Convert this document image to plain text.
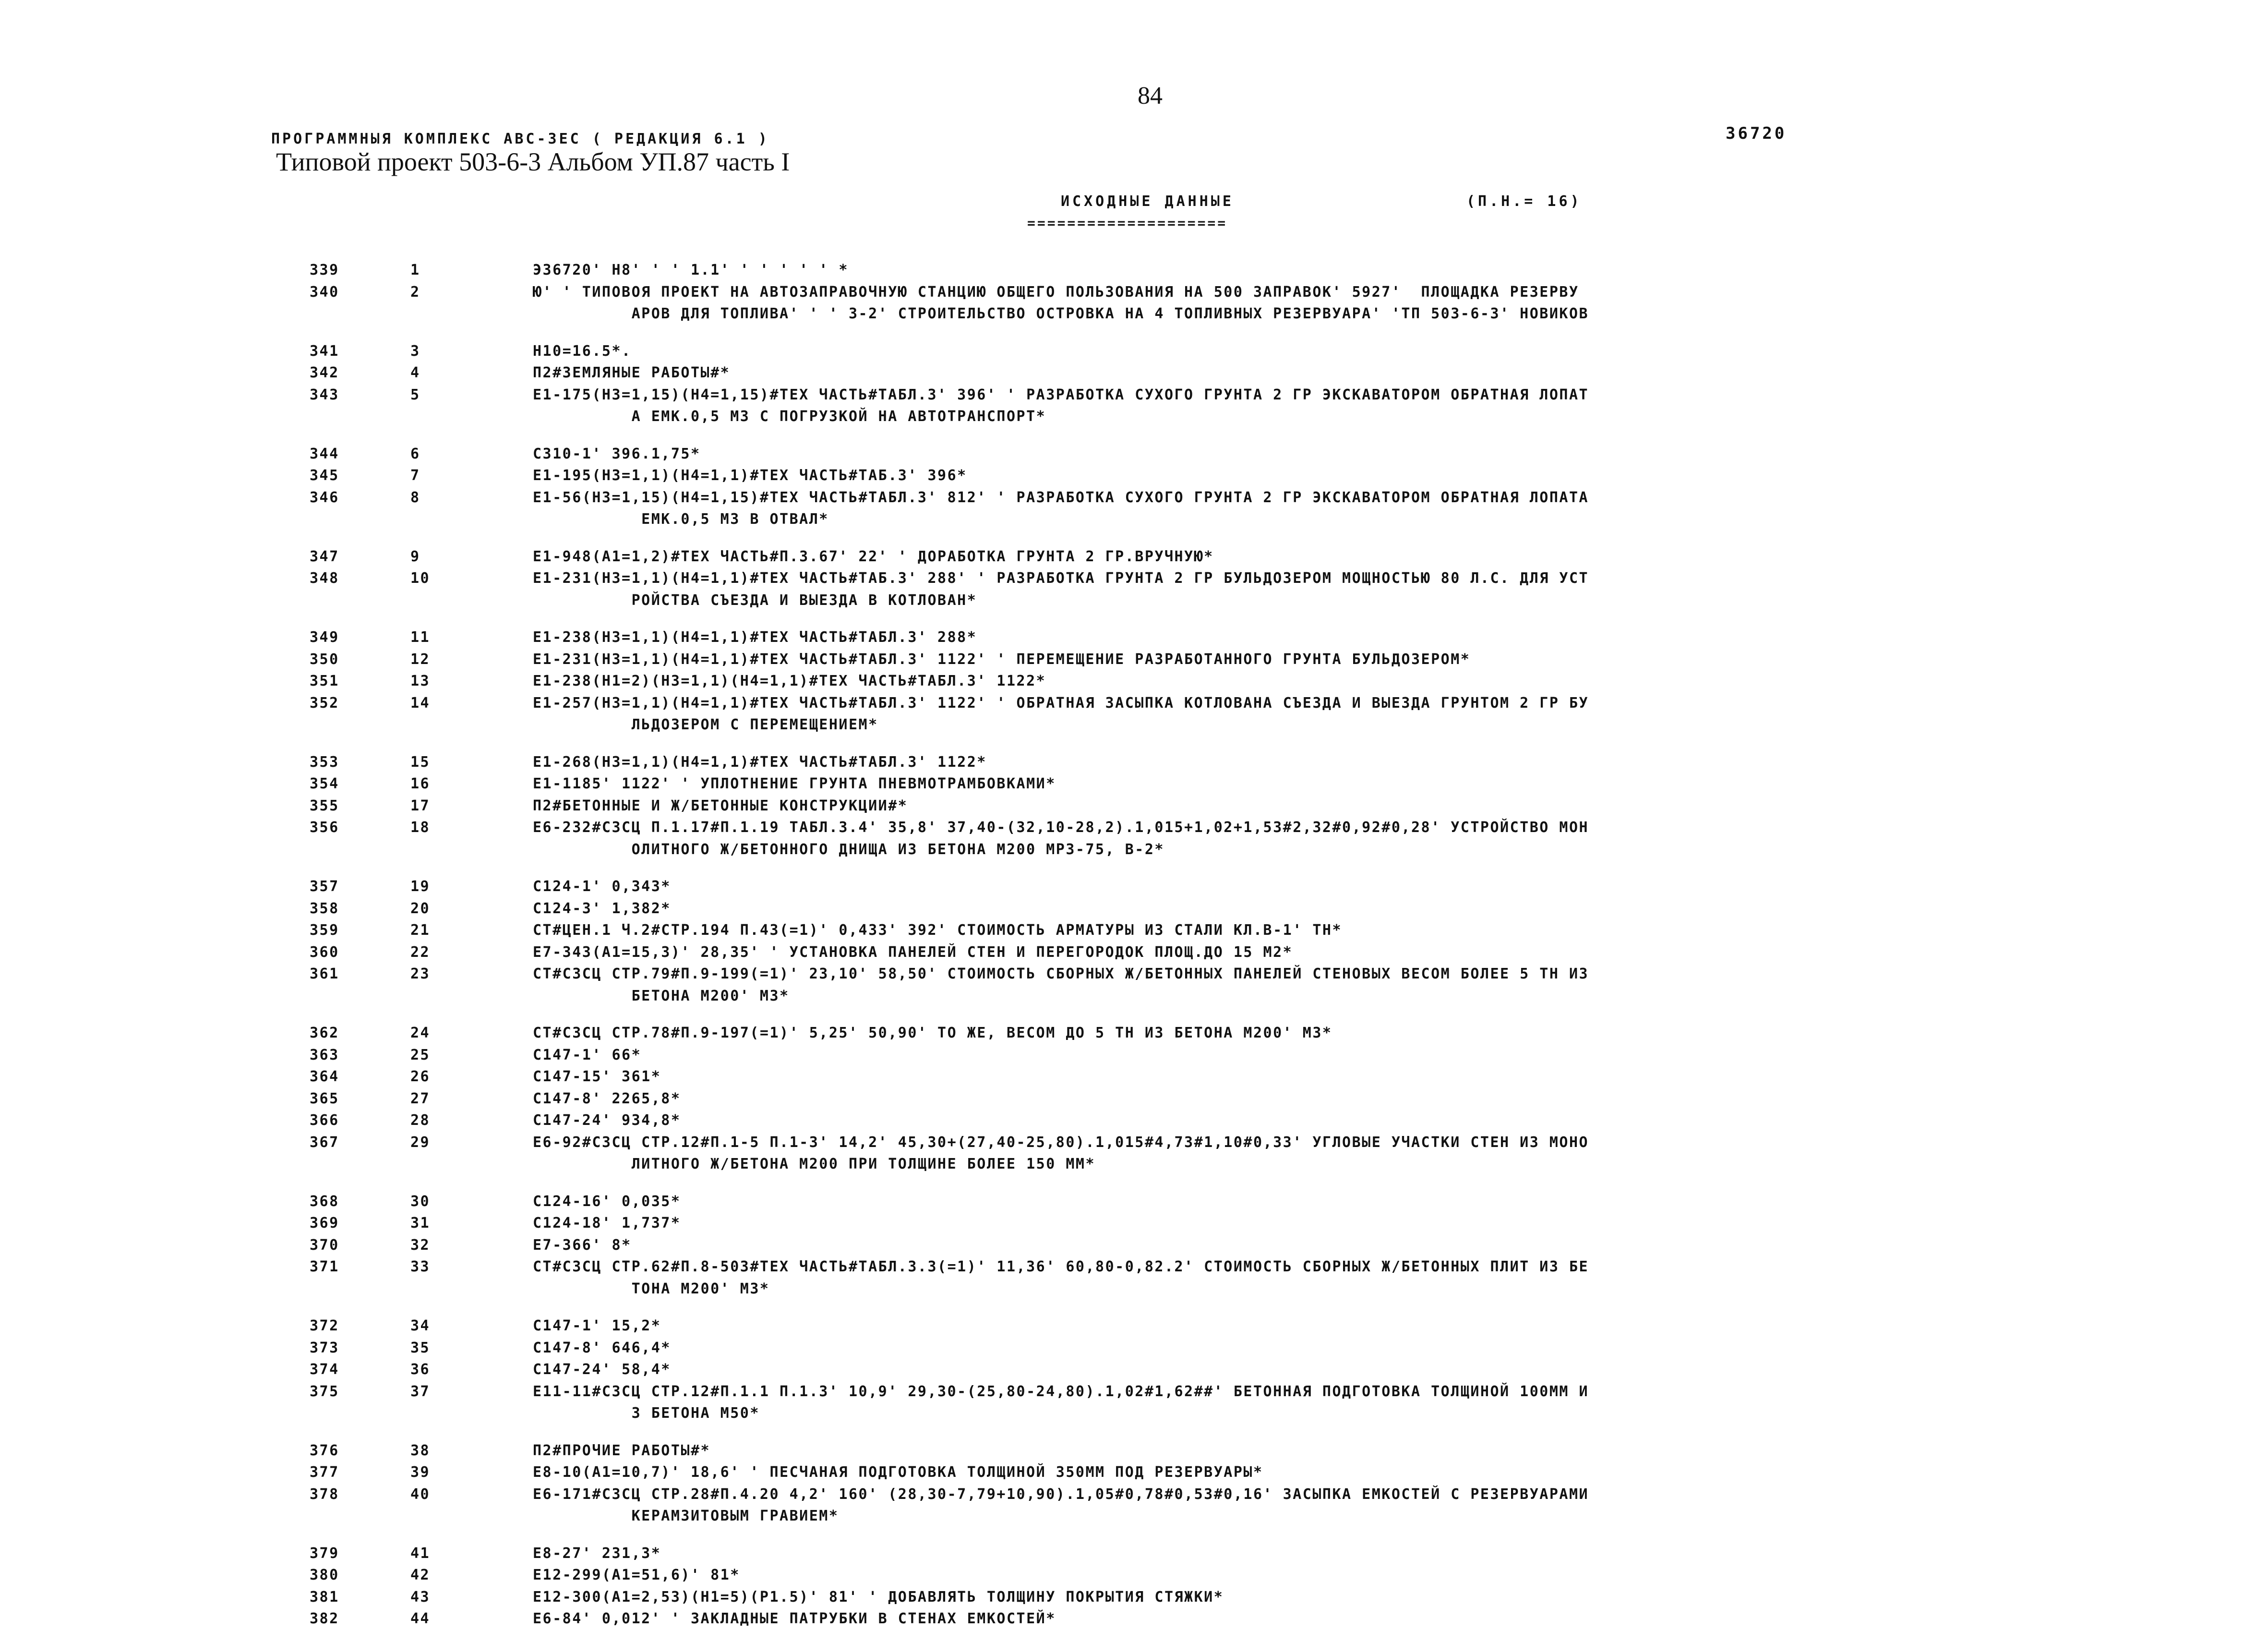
84
ПРОГРАММНЫЯ КОМПЛЕКС АВС-ЗЕС ( РЕДАКЦИЯ 6.1 )	36720
Типовой проект 503-6-3 Альбом УП.87 часть I
ИСХОДНЫЕ ДАННЫЕ
====================
(П.Н.= 16)
339	1	Э36720' Н8' ' ' 1.1' ' ' ' ' ' *
340	2	Ю' ' ТИПОВОЯ ПРОЕКТ НА АВТОЗАПРАВОЧНУЮ СТАНЦИЮ ОБЩЕГО ПОЛЬЗОВАНИЯ НА 500 ЗАПРАВОК' 5927'  ПЛОЩАДКА РЕЗЕРВУ
АРОВ ДЛЯ ТОПЛИВА' ' ' 3-2' СТРОИТЕЛЬСТВО ОСТРОВКА НА 4 ТОПЛИВНЫХ РЕЗЕРВУАРА' 'ТП 503-6-3' НОВИКОВ
341	3	Н10=16.5*.
342	4	П2#ЗЕМЛЯНЫЕ РАБОТЫ#*
343	5	Е1-175(Н3=1,15)(Н4=1,15)#ТЕХ ЧАСТЬ#ТАБЛ.3' 396' ' РАЗРАБОТКА СУХОГО ГРУНТА 2 ГР ЭКСКАВАТОРОМ ОБРАТНАЯ ЛОПАТ
А ЕМК.0,5 М3 С ПОГРУЗКОЙ НА АВТОТРАНСПОРТ*
344	6	С310-1' 396.1,75*
345	7	Е1-195(Н3=1,1)(Н4=1,1)#ТЕХ ЧАСТЬ#ТАБ.3' 396*
346	8	Е1-56(Н3=1,15)(Н4=1,15)#ТЕХ ЧАСТЬ#ТАБЛ.3' 812' ' РАЗРАБОТКА СУХОГО ГРУНТА 2 ГР ЭКСКАВАТОРОМ ОБРАТНАЯ ЛОПАТА
ЕМК.0,5 М3 В ОТВАЛ*
347	9	Е1-948(А1=1,2)#ТЕХ ЧАСТЬ#П.3.67' 22' ' ДОРАБОТКА ГРУНТА 2 ГР.ВРУЧНУЮ*
348	10	Е1-231(Н3=1,1)(Н4=1,1)#ТЕХ ЧАСТЬ#ТАБ.3' 288' ' РАЗРАБОТКА ГРУНТА 2 ГР БУЛЬДОЗЕРОМ МОЩНОСТЬЮ 80 Л.С. ДЛЯ УСТ
РОЙСТВА СЪЕЗДА И ВЫЕЗДА В КОТЛОВАН*
349	11	Е1-238(Н3=1,1)(Н4=1,1)#ТЕХ ЧАСТЬ#ТАБЛ.3' 288*
350	12	Е1-231(Н3=1,1)(Н4=1,1)#ТЕХ ЧАСТЬ#ТАБЛ.3' 1122' ' ПЕРЕМЕЩЕНИЕ РАЗРАБОТАННОГО ГРУНТА БУЛЬДОЗЕРОМ*
351	13	Е1-238(Н1=2)(Н3=1,1)(Н4=1,1)#ТЕХ ЧАСТЬ#ТАБЛ.3' 1122*
352	14	Е1-257(Н3=1,1)(Н4=1,1)#ТЕХ ЧАСТЬ#ТАБЛ.3' 1122' ' ОБРАТНАЯ ЗАСЫПКА КОТЛОВАНА СЪЕЗДА И ВЫЕЗДА ГРУНТОМ 2 ГР БУ
ЛЬДОЗЕРОМ С ПЕРЕМЕЩЕНИЕМ*
353	15	Е1-268(Н3=1,1)(Н4=1,1)#ТЕХ ЧАСТЬ#ТАБЛ.3' 1122*
354	16	Е1-1185' 1122' ' УПЛОТНЕНИЕ ГРУНТА ПНЕВМОТРАМБОВКАМИ*
355	17	П2#БЕТОННЫЕ И Ж/БЕТОННЫЕ КОНСТРУКЦИИ#*
356	18	Е6-232#С3СЦ П.1.17#П.1.19 ТАБЛ.3.4' 35,8' 37,40-(32,10-28,2).1,015+1,02+1,53#2,32#0,92#0,28' УСТРОЙСТВО МОН
ОЛИТНОГО Ж/БЕТОННОГО ДНИЩА ИЗ БЕТОНА М200 МРЗ-75, В-2*
357	19	С124-1' 0,343*
358	20	С124-3' 1,382*
359	21	СТ#ЦЕН.1 Ч.2#СТР.194 П.43(=1)' 0,433' 392' СТОИМОСТЬ АРМАТУРЫ ИЗ СТАЛИ КЛ.В-1' ТН*
360	22	Е7-343(А1=15,3)' 28,35' ' УСТАНОВКА ПАНЕЛЕЙ СТЕН И ПЕРЕГОРОДОК ПЛОЩ.ДО 15 М2*
361	23	СТ#С3СЦ СТР.79#П.9-199(=1)' 23,10' 58,50' СТОИМОСТЬ СБОРНЫХ Ж/БЕТОННЫХ ПАНЕЛЕЙ СТЕНОВЫХ ВЕСОМ БОЛЕЕ 5 ТН ИЗ
БЕТОНА М200' М3*
362	24	СТ#С3СЦ СТР.78#П.9-197(=1)' 5,25' 50,90' ТО ЖЕ, ВЕСОМ ДО 5 ТН ИЗ БЕТОНА М200' М3*
363	25	С147-1' 66*
364	26	С147-15' 361*
365	27	С147-8' 2265,8*
366	28	С147-24' 934,8*
367	29	Е6-92#С3СЦ СТР.12#П.1-5 П.1-3' 14,2' 45,30+(27,40-25,80).1,015#4,73#1,10#0,33' УГЛОВЫЕ УЧАСТКИ СТЕН ИЗ МОНО
ЛИТНОГО Ж/БЕТОНА М200 ПРИ ТОЛЩИНЕ БОЛЕЕ 150 ММ*
368	30	С124-16' 0,035*
369	31	С124-18' 1,737*
370	32	Е7-366' 8*
371	33	СТ#С3СЦ СТР.62#П.8-503#ТЕХ ЧАСТЬ#ТАБЛ.3.3(=1)' 11,36' 60,80-0,82.2' СТОИМОСТЬ СБОРНЫХ Ж/БЕТОННЫХ ПЛИТ ИЗ БЕ
ТОНА М200' М3*
372	34	С147-1' 15,2*
373	35	С147-8' 646,4*
374	36	С147-24' 58,4*
375	37	Е11-11#С3СЦ СТР.12#П.1.1 П.1.3' 10,9' 29,30-(25,80-24,80).1,02#1,62##' БЕТОННАЯ ПОДГОТОВКА ТОЛЩИНОЙ 100ММ И
З БЕТОНА М50*
376	38	П2#ПРОЧИЕ РАБОТЫ#*
377	39	Е8-10(А1=10,7)' 18,6' ' ПЕСЧАНАЯ ПОДГОТОВКА ТОЛЩИНОЙ 350ММ ПОД РЕЗЕРВУАРЫ*
378	40	Е6-171#С3СЦ СТР.28#П.4.20 4,2' 160' (28,30-7,79+10,90).1,05#0,78#0,53#0,16' ЗАСЫПКА ЕМКОСТЕЙ С РЕЗЕРВУАРАМИ
КЕРАМЗИТОВЫМ ГРАВИЕМ*
379	41	Е8-27' 231,3*
380	42	Е12-299(А1=51,6)' 81*
381	43	Е12-300(А1=2,53)(Н1=5)(Р1.5)' 81' ' ДОБАВЛЯТЬ ТОЛЩИНУ ПОКРЫТИЯ СТЯЖКИ*
382	44	Е6-84' 0,012' ' ЗАКЛАДНЫЕ ПАТРУБКИ В СТЕНАХ ЕМКОСТЕЙ*
